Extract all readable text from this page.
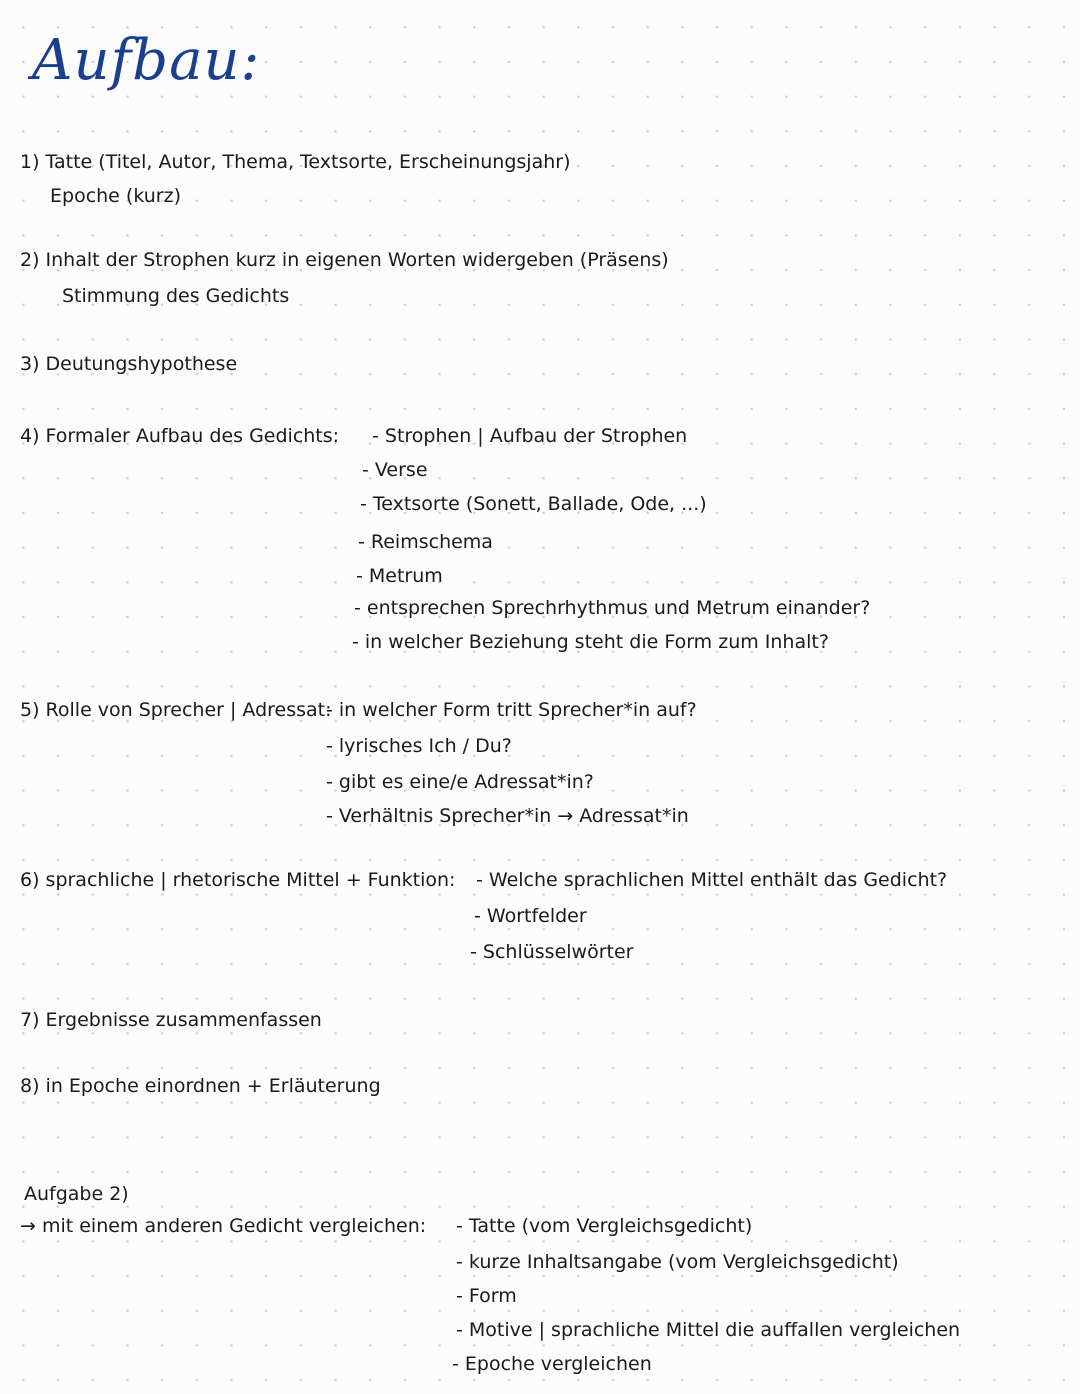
Aufbau:
1) Tatte (Titel, Autor, Thema, Textsorte, Erscheinungsjahr)
Epoche (kurz)
2) Inhalt der Strophen kurz in eigenen Worten widergeben (Präsens)
Stimmung des Gedichts
3) Deutungshypothese
4) Formaler Aufbau des Gedichts: - Strophen | Aufbau der Strophen
- Verse
- Textsorte (Sonett, Ballade, Ode, ...)
- Reimschema
- Metrum
- entsprechen Sprechrhythmus und Metrum einander?
- in welcher Beziehung steht die Form zum Inhalt?
5) Rolle von Sprecher | Adressat:
- in welcher Form tritt Sprecher*in auf?
- lyrisches Ich / Du?
- gibt es eine/e Adressat*in?
- Verhältnis Sprecher*in → Adressat*in
6) sprachliche | rhetorische Mittel + Funktion: - Welche sprachlichen Mittel enthält das Gedicht?
- Wortfelder
- Schlüsselwörter
7) Ergebnisse zusammenfassen
8) in Epoche einordnen + Erläuterung
Aufgabe 2)
→ mit einem anderen Gedicht vergleichen: - Tatte (vom Vergleichsgedicht)
- kurze Inhaltsangabe (vom Vergleichsgedicht)
- Form
- Motive | sprachliche Mittel die auffallen vergleichen
- Epoche vergleichen
